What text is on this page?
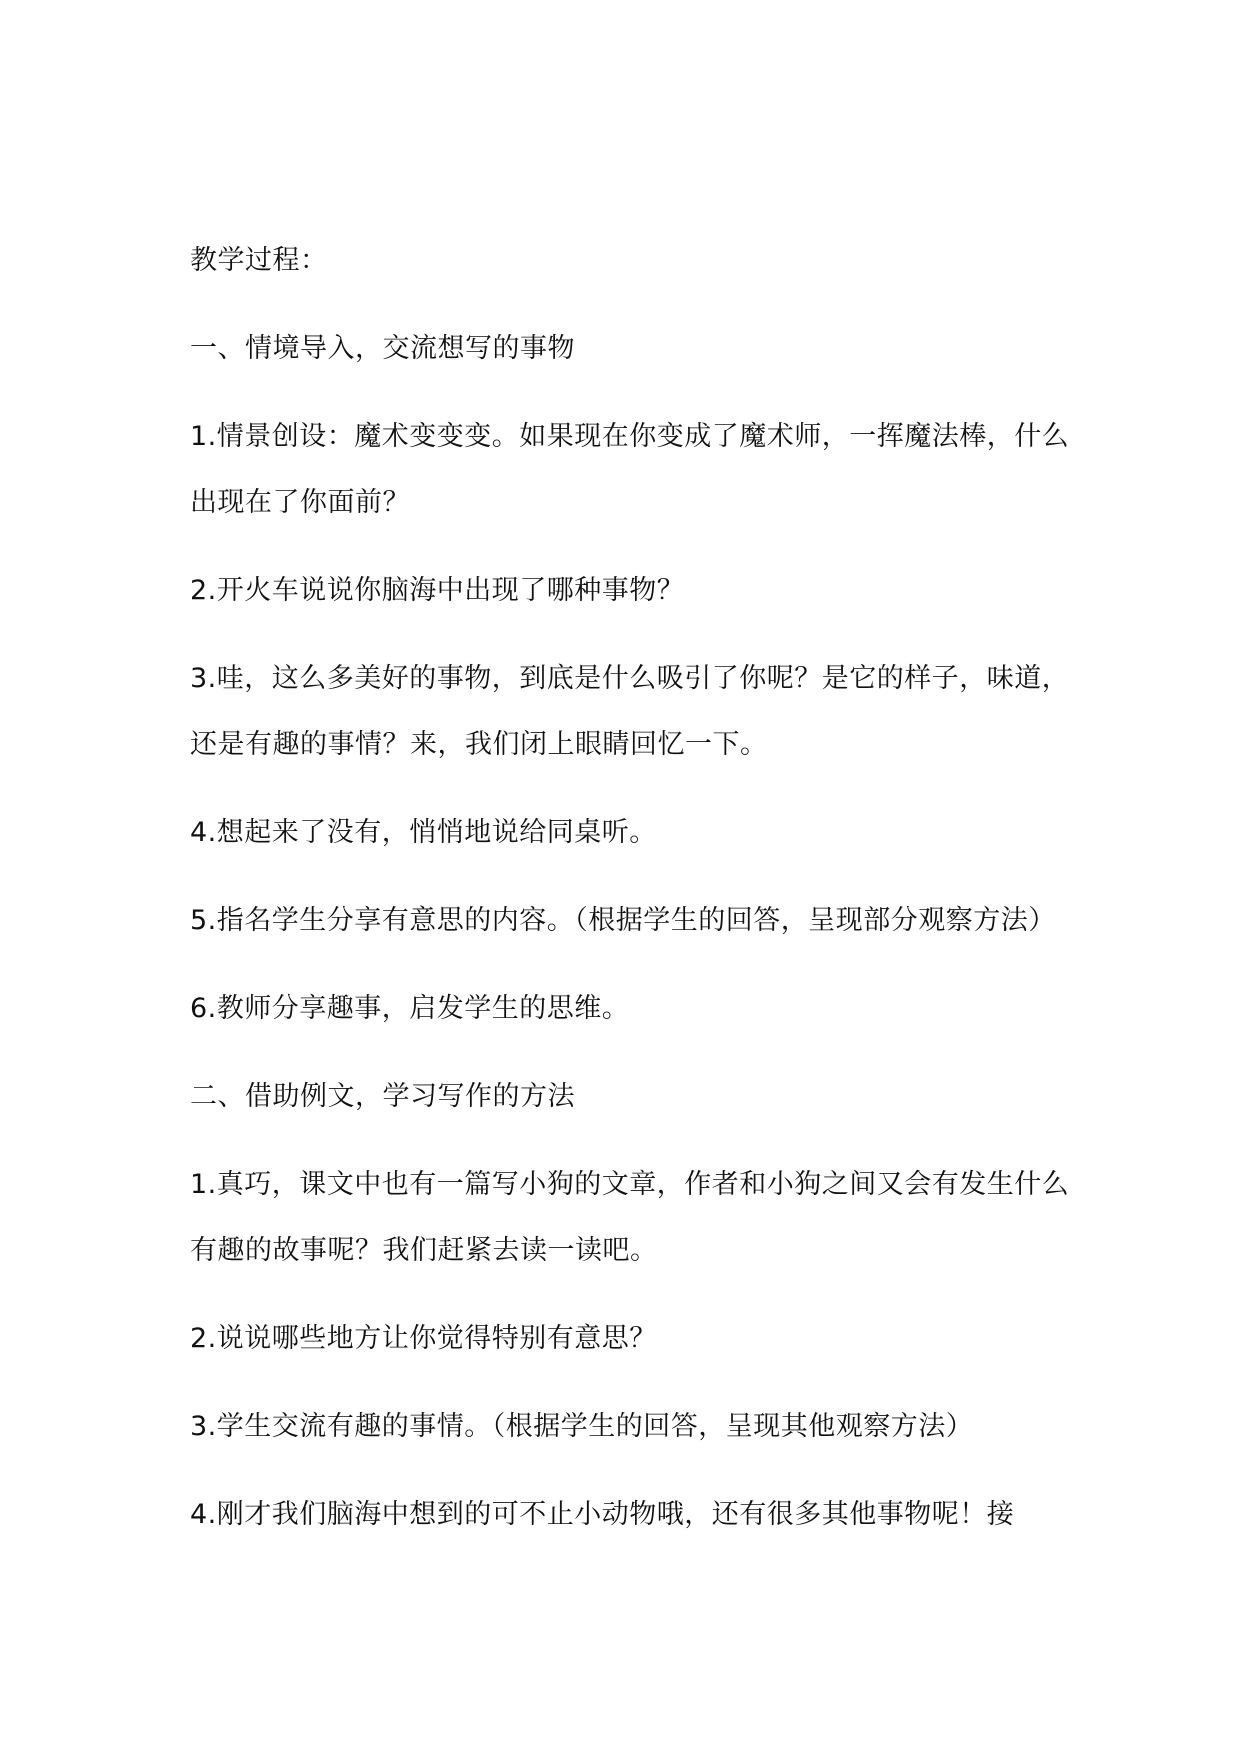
教学过程：

一、情境导入，交流想写的事物

1.情景创设：魔术变变变。如果现在你变成了魔术师，一挥魔法棒，什么出现在了你面前？

2.开火车说说你脑海中出现了哪种事物？

3.哇，这么多美好的事物，到底是什么吸引了你呢？是它的样子，味道，还是有趣的事情？来，我们闭上眼睛回忆一下。

4.想起来了没有，悄悄地说给同桌听。

5.指名学生分享有意思的内容。（根据学生的回答，呈现部分观察方法）

6.教师分享趣事，启发学生的思维。

二、借助例文，学习写作的方法

1.真巧，课文中也有一篇写小狗的文章，作者和小狗之间又会有发生什么有趣的故事呢？我们赶紧去读一读吧。

2.说说哪些地方让你觉得特别有意思？

3.学生交流有趣的事情。（根据学生的回答，呈现其他观察方法）

4.刚才我们脑海中想到的可不止小动物哦，还有很多其他事物呢！接
